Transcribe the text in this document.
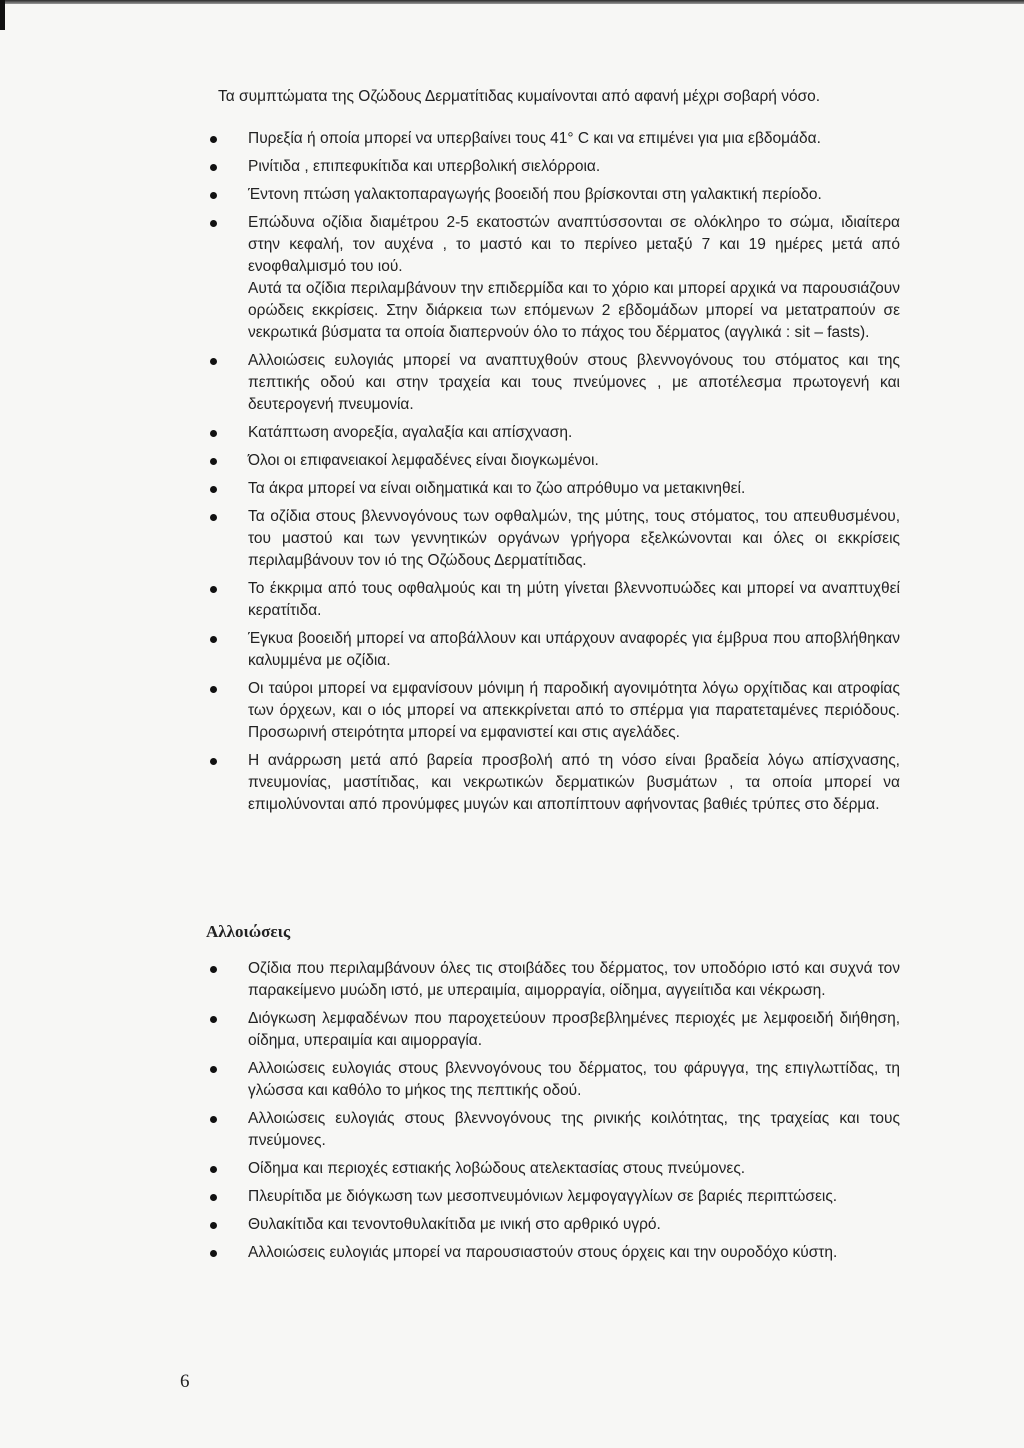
Τα συμπτώματα της Οζώδους Δερματίτιδας κυμαίνονται από αφανή μέχρι σοβαρή νόσο.

Πυρεξία ή οποία μπορεί να υπερβαίνει τους 41° C και να επιμένει για μια εβδομάδα.
Ρινίτιδα , επιπεφυκίτιδα και υπερβολική σιελόρροια.
Έντονη πτώση γαλακτοπαραγωγής βοοειδή που βρίσκονται στη γαλακτική περίοδο.
Επώδυνα οζίδια διαμέτρου 2-5 εκατοστών αναπτύσσονται σε ολόκληρο το σώμα, ιδιαίτερα στην κεφαλή, τον αυχένα , το μαστό και το περίνεο μεταξύ 7 και 19 ημέρες μετά από ενοφθαλμισμό του ιού.
Αυτά τα οζίδια περιλαμβάνουν την επιδερμίδα και το χόριο και μπορεί αρχικά να παρουσιάζουν ορώδεις εκκρίσεις. Στην διάρκεια των επόμενων 2 εβδομάδων μπορεί να μετατραπούν σε νεκρωτικά βύσματα τα οποία διαπερνούν όλο το πάχος του δέρματος (αγγλικά : sit – fasts).
Αλλοιώσεις ευλογιάς μπορεί να αναπτυχθούν στους βλεννογόνους του στόματος και της πεπτικής οδού και στην τραχεία και τους πνεύμονες , με αποτέλεσμα πρωτογενή και δευτερογενή πνευμονία.
Κατάπτωση ανορεξία, αγαλαξία και απίσχναση.
Όλοι οι επιφανειακοί λεμφαδένες είναι διογκωμένοι.
Τα άκρα μπορεί να είναι οιδηματικά και το ζώο απρόθυμο να μετακινηθεί.
Τα οζίδια στους βλεννογόνους των οφθαλμών, της μύτης, τους στόματος, του απευθυσμένου, του μαστού και των γεννητικών οργάνων γρήγορα εξελκώνονται και όλες οι εκκρίσεις περιλαμβάνουν τον ιό της Οζώδους Δερματίτιδας.
Το έκκριμα από τους οφθαλμούς και τη μύτη γίνεται βλεννοπυώδες και μπορεί να αναπτυχθεί κερατίτιδα.
Έγκυα βοοειδή μπορεί να αποβάλλουν και υπάρχουν αναφορές για έμβρυα που αποβλήθηκαν καλυμμένα με οζίδια.
Οι ταύροι μπορεί να εμφανίσουν μόνιμη ή παροδική αγονιμότητα λόγω ορχίτιδας και ατροφίας των όρχεων, και ο ιός μπορεί να απεκκρίνεται από το σπέρμα για παρατεταμένες περιόδους. Προσωρινή στειρότητα μπορεί να εμφανιστεί και στις αγελάδες.
Η ανάρρωση μετά από βαρεία προσβολή από τη νόσο είναι βραδεία λόγω απίσχνασης, πνευμονίας, μαστίτιδας, και νεκρωτικών δερματικών βυσμάτων , τα οποία μπορεί να επιμολύνονται από προνύμφες μυγών και αποπίπτουν αφήνοντας βαθιές τρύπες στο δέρμα.
Αλλοιώσεις
Οζίδια που περιλαμβάνουν όλες τις στοιβάδες του δέρματος, τον υποδόριο ιστό και συχνά τον παρακείμενο μυώδη ιστό, με υπεραιμία, αιμορραγία, οίδημα, αγγειίτιδα και νέκρωση.
Διόγκωση λεμφαδένων που παροχετεύουν προσβεβλημένες περιοχές με λεμφοειδή διήθηση, οίδημα, υπεραιμία και αιμορραγία.
Αλλοιώσεις ευλογιάς στους βλεννογόνους του δέρματος, του φάρυγγα, της επιγλωττίδας, τη γλώσσα και καθόλο το μήκος της πεπτικής οδού.
Αλλοιώσεις ευλογιάς στους βλεννογόνους της ρινικής κοιλότητας, της τραχείας και τους πνεύμονες.
Οίδημα και περιοχές εστιακής λοβώδους ατελεκτασίας στους πνεύμονες.
Πλευρίτιδα με διόγκωση των μεσοπνευμόνιων λεμφογαγγλίων σε βαριές περιπτώσεις.
Θυλακίτιδα και τενοντοθυλακίτιδα με ινική στο αρθρικό υγρό.
Αλλοιώσεις ευλογιάς μπορεί να παρουσιαστούν στους όρχεις και την ουροδόχο κύστη.
6
